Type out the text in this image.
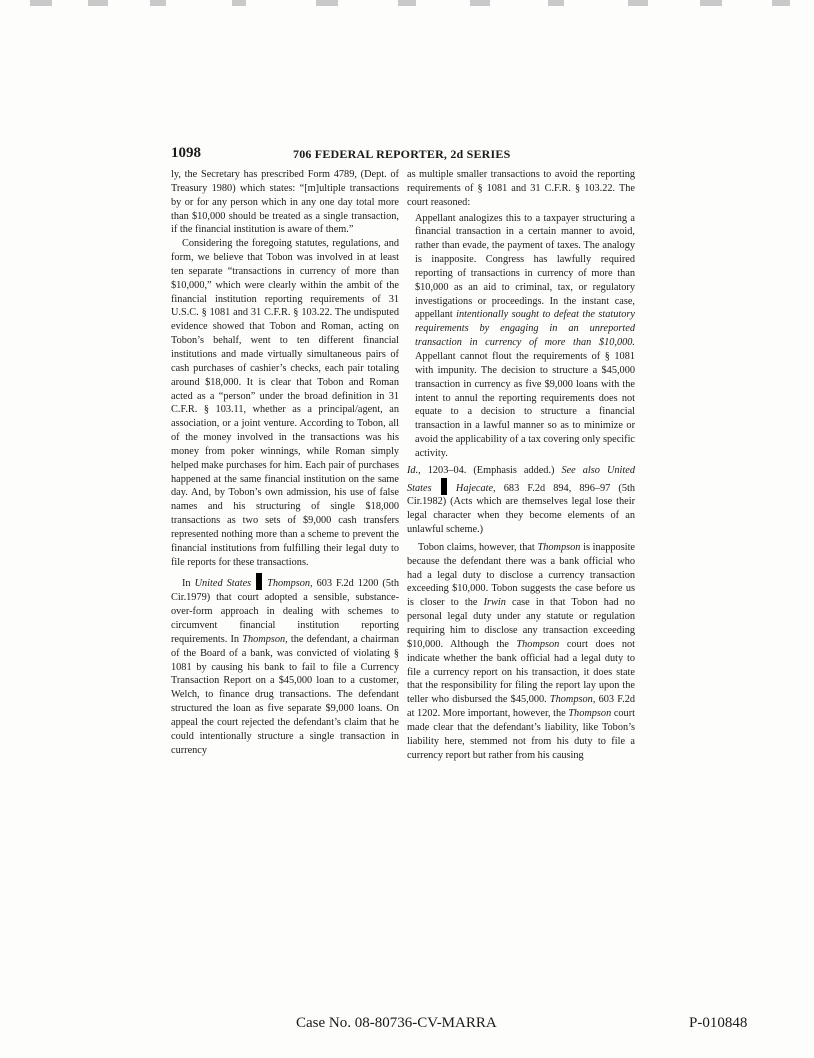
1098	706 FEDERAL REPORTER, 2d SERIES

ly, the Secretary has prescribed Form 4789, (Dept. of Treasury 1980) which states: “[m]ultiple transactions by or for any person which in any one day total more than $10,000 should be treated as a single transaction, if the financial institution is aware of them.”

Considering the foregoing statutes, regulations, and form, we believe that Tobon was involved in at least ten separate “transactions in currency of more than $10,000,” which were clearly within the ambit of the financial institution reporting requirements of 31 U.S.C. § 1081 and 31 C.F.R. § 103.22. The undisputed evidence showed that Tobon and Roman, acting on Tobon’s behalf, went to ten different financial institutions and made virtually simultaneous pairs of cash purchases of cashier’s checks, each pair totaling around $18,000. It is clear that Tobon and Roman acted as a “person” under the broad definition in 31 C.F.R. § 103.11, whether as a principal/agent, an association, or a joint venture. According to Tobon, all of the money involved in the transactions was his money from poker winnings, while Roman simply helped make purchases for him. Each pair of purchases happened at the same financial institution on the same day. And, by Tobon’s own admission, his use of false names and his structuring of single $18,000 transactions as two sets of $9,000 cash transfers represented nothing more than a scheme to prevent the financial institutions from fulfilling their legal duty to file reports for these transactions.

In United States Thompson, 603 F.2d 1200 (5th Cir.1979) that court adopted a sensible, substance-over-form approach in dealing with schemes to circumvent financial institution reporting requirements. In Thompson, the defendant, a chairman of the Board of a bank, was convicted of violating § 1081 by causing his bank to fail to file a Currency Transaction Report on a $45,000 loan to a customer, Welch, to finance drug transactions. The defendant structured the loan as five separate $9,000 loans. On appeal the court rejected the defendant’s claim that he could intentionally structure a single transaction in currency

as multiple smaller transactions to avoid the reporting requirements of § 1081 and 31 C.F.R. § 103.22. The court reasoned:

Appellant analogizes this to a taxpayer structuring a financial transaction in a certain manner to avoid, rather than evade, the payment of taxes. The analogy is inapposite. Congress has lawfully required reporting of transactions in currency of more than $10,000 as an aid to criminal, tax, or regulatory investigations or proceedings. In the instant case, appellant intentionally sought to defeat the statutory requirements by engaging in an unreported transaction in currency of more than $10,000. Appellant cannot flout the requirements of § 1081 with impunity. The decision to structure a $45,000 transaction in currency as five $9,000 loans with the intent to annul the reporting requirements does not equate to a decision to structure a financial transaction in a lawful manner so as to minimize or avoid the applicability of a tax covering only specific activity.

Id., 1203–04. (Emphasis added.) See also United States Hajecate, 683 F.2d 894, 896–97 (5th Cir.1982) (Acts which are themselves legal lose their legal character when they become elements of an unlawful scheme.)

Tobon claims, however, that Thompson is inapposite because the defendant there was a bank official who had a legal duty to disclose a currency transaction exceeding $10,000. Tobon suggests the case before us is closer to the Irwin case in that Tobon had no personal legal duty under any statute or regulation requiring him to disclose any transaction exceeding $10,000. Although the Thompson court does not indicate whether the bank official had a legal duty to file a currency report on his transaction, it does state that the responsibility for filing the report lay upon the teller who disbursed the $45,000. Thompson, 603 F.2d at 1202. More important, however, the Thompson court made clear that the defendant’s liability, like Tobon’s liability here, stemmed not from his duty to file a currency report but rather from his causing

Case No. 08-80736-CV-MARRA	P-010848
